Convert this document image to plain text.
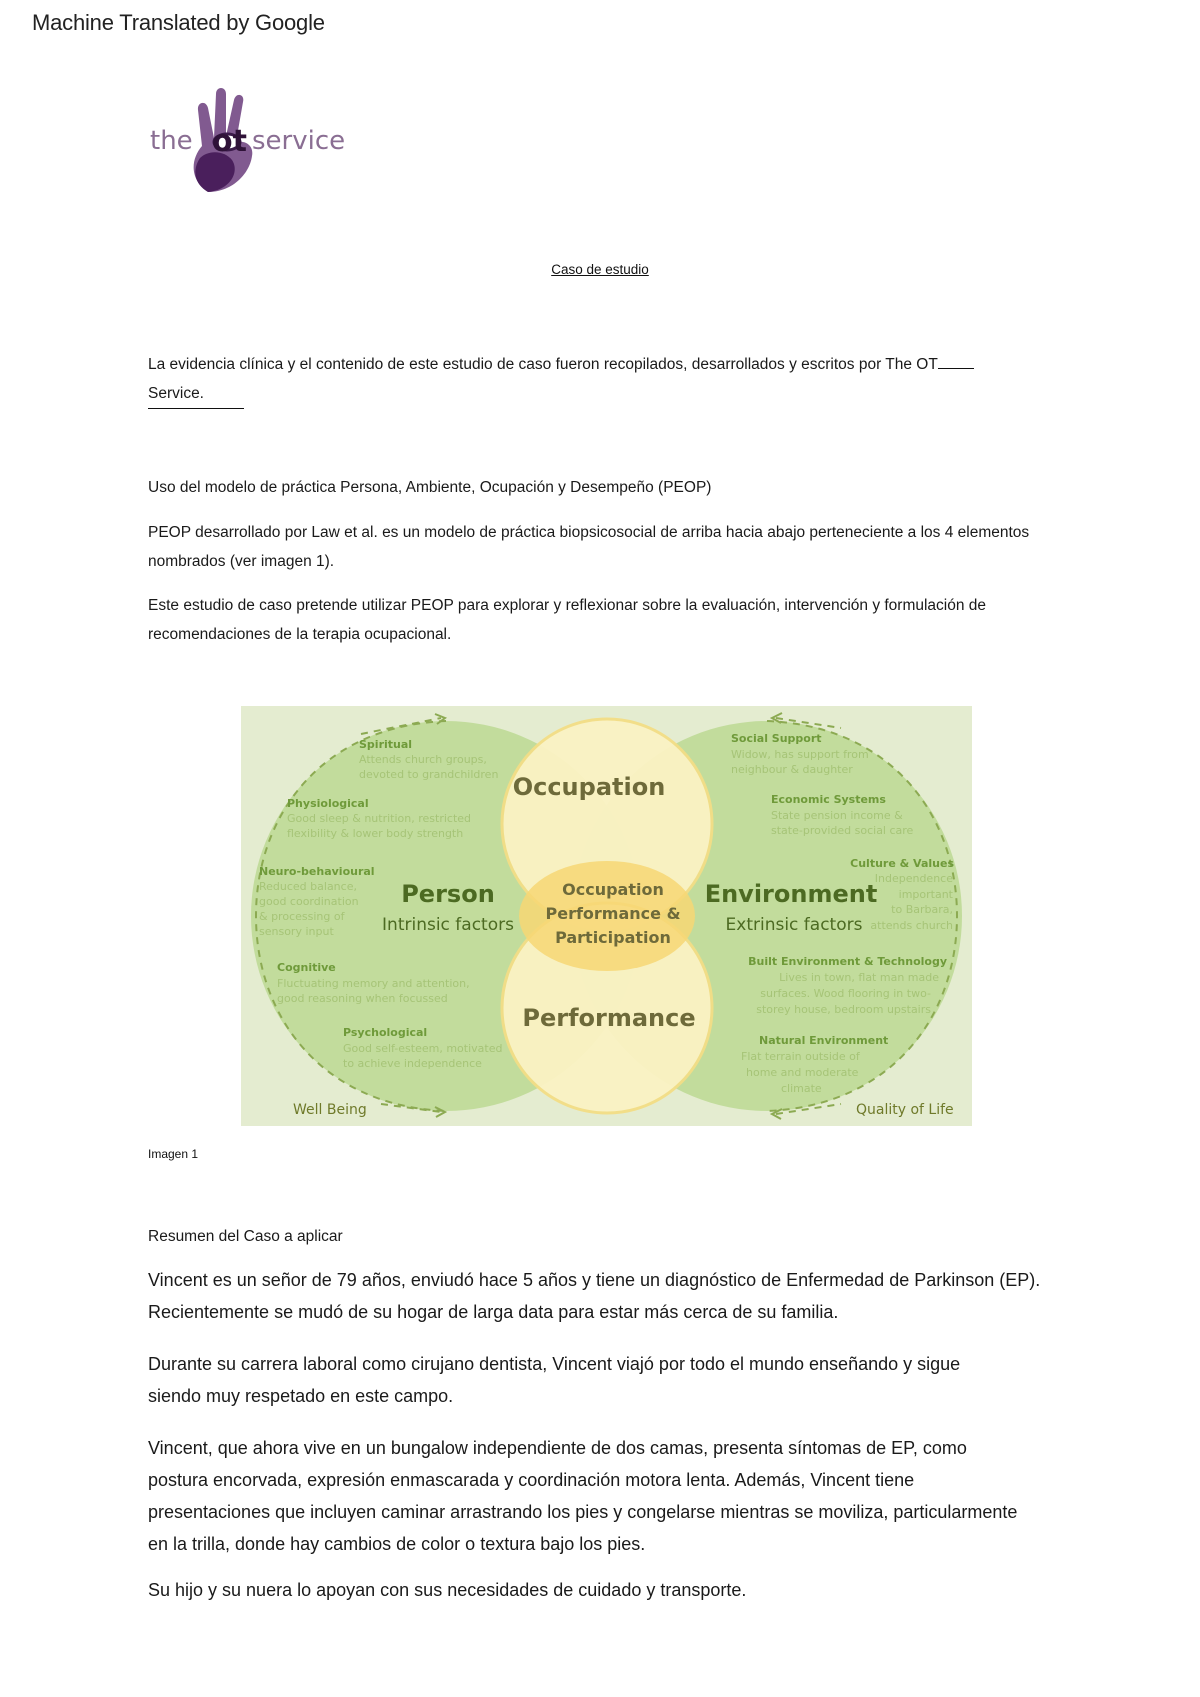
Machine Translated by Google
the ot service
Caso de estudio
La evidencia clínica y el contenido de este estudio de caso fueron recopilados, desarrollados y escritos por The OT
Service.
Uso del modelo de práctica Persona, Ambiente, Ocupación y Desempeño (PEOP)
PEOP desarrollado por Law et al. es un modelo de práctica biopsicosocial de arriba hacia abajo perteneciente a los 4 elementos nombrados (ver imagen 1).
Este estudio de caso pretende utilizar PEOP para explorar y reflexionar sobre la evaluación, intervención y formulación de recomendaciones de la terapia ocupacional.
Occupation
Performance
Occupation
Performance &
Participation
Person
Intrinsic factors
Environment
Extrinsic factors
Well Being	Quality of Life
Spiritual
Attends church groups,
devoted to grandchildren
Physiological
Good sleep & nutrition, restricted
flexibility & lower body strength
Neuro-behavioural
Reduced balance,
good coordination
& processing of
sensory input
Cognitive
Fluctuating memory and attention,
good reasoning when focussed
Psychological
Good self-esteem, motivated
to achieve independence
Social Support
Widow, has support from
neighbour & daughter
Economic Systems
State pension income &
state-provided social care
Culture & Values
Independence
important
to Barbara,
attends church
Built Environment & Technology
Lives in town, flat man made
surfaces. Wood flooring in two-
storey house, bedroom upstairs
Natural Environment
Flat terrain outside of
home and moderate
climate
Imagen 1
Resumen del Caso a aplicar
Vincent es un señor de 79 años, enviudó hace 5 años y tiene un diagnóstico de Enfermedad de Parkinson (EP). Recientemente se mudó de su hogar de larga data para estar más cerca de su familia.
Durante su carrera laboral como cirujano dentista, Vincent viajó por todo el mundo enseñando y sigue siendo muy respetado en este campo.
Vincent, que ahora vive en un bungalow independiente de dos camas, presenta síntomas de EP, como postura encorvada, expresión enmascarada y coordinación motora lenta. Además, Vincent tiene presentaciones que incluyen caminar arrastrando los pies y congelarse mientras se moviliza, particularmente en la trilla, donde hay cambios de color o textura bajo los pies.
Su hijo y su nuera lo apoyan con sus necesidades de cuidado y transporte.
